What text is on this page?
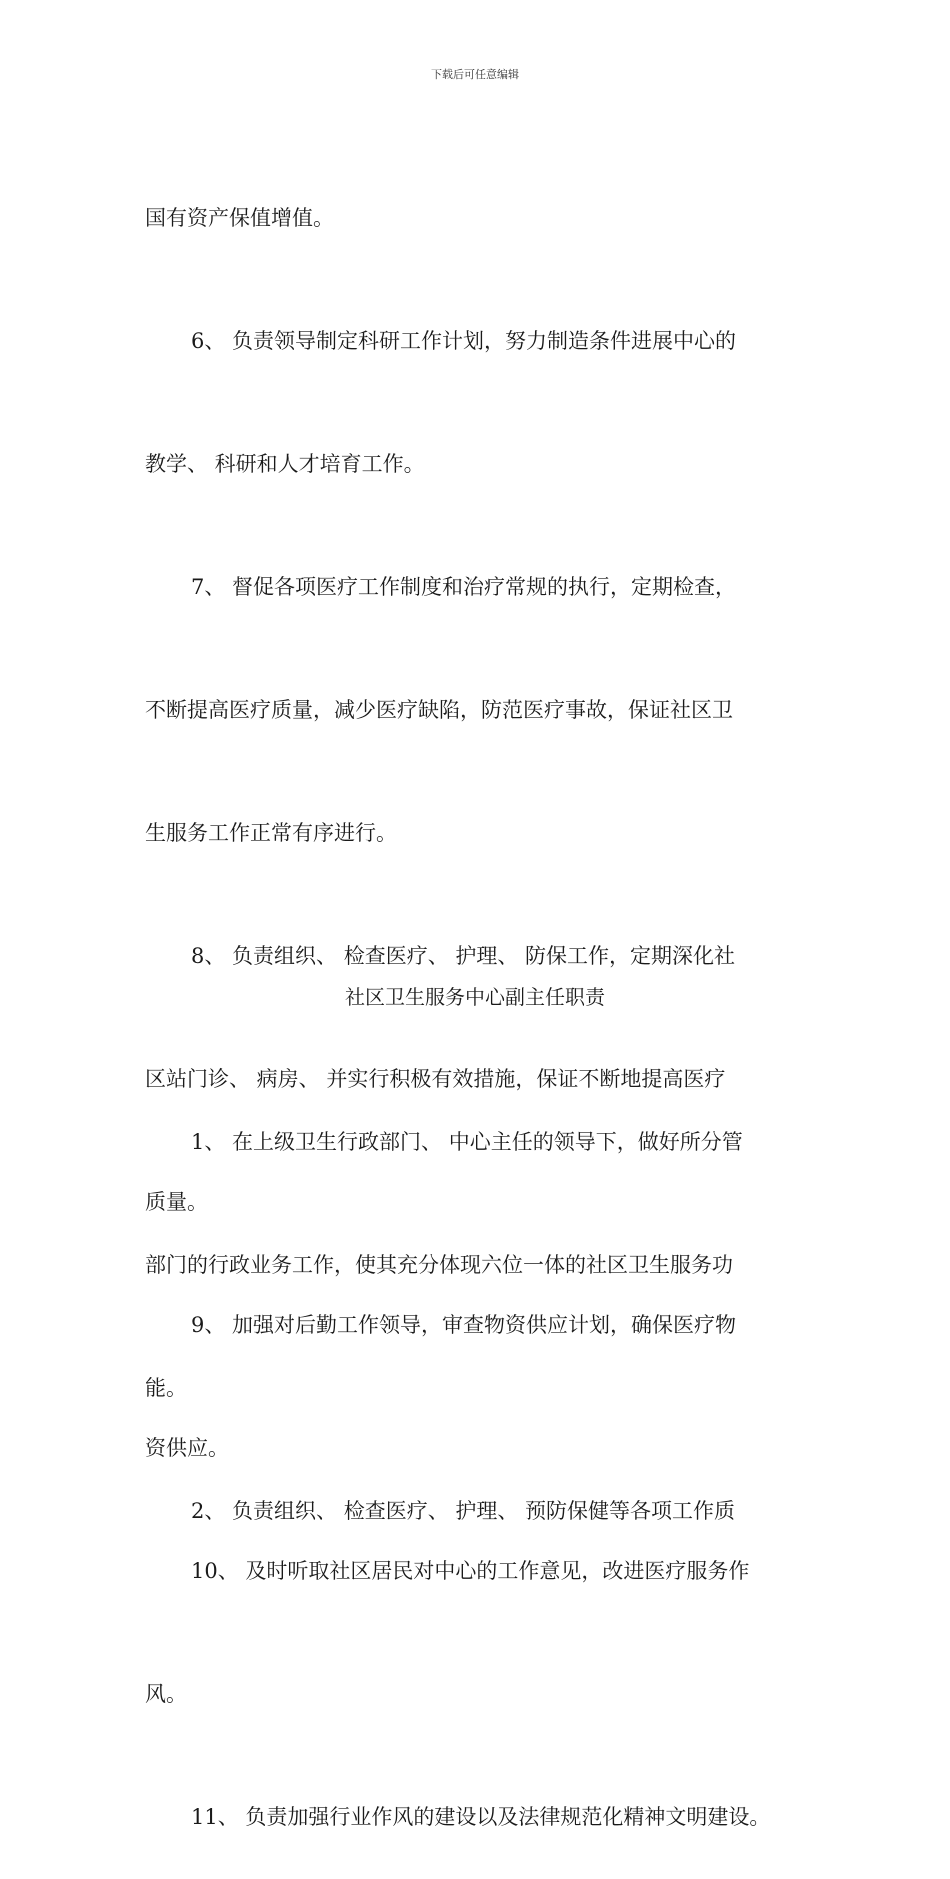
下载后可任意编辑

国有资产保值增值。

6、 负责领导制定科研工作计划，努力制造条件进展中心的

教学、 科研和人才培育工作。

7、 督促各项医疗工作制度和治疗常规的执行，定期检查，

不断提高医疗质量，减少医疗缺陷，防范医疗事故，保证社区卫

生服务工作正常有序进行。

8、 负责组织、 检查医疗、 护理、 防保工作，定期深化社

区站门诊、 病房、 并实行积极有效措施，保证不断地提高医疗

质量。

9、 加强对后勤工作领导，审查物资供应计划，确保医疗物

资供应。

10、 及时听取社区居民对中心的工作意见，改进医疗服务作

风。

11、 负责加强行业作风的建设以及法律规范化精神文明建设。

社区卫生服务中心副主任职责

1、 在上级卫生行政部门、 中心主任的领导下，做好所分管

部门的行政业务工作，使其充分体现六位一体的社区卫生服务功

能。

2、 负责组织、 检查医疗、 护理、 预防保健等各项工作质
